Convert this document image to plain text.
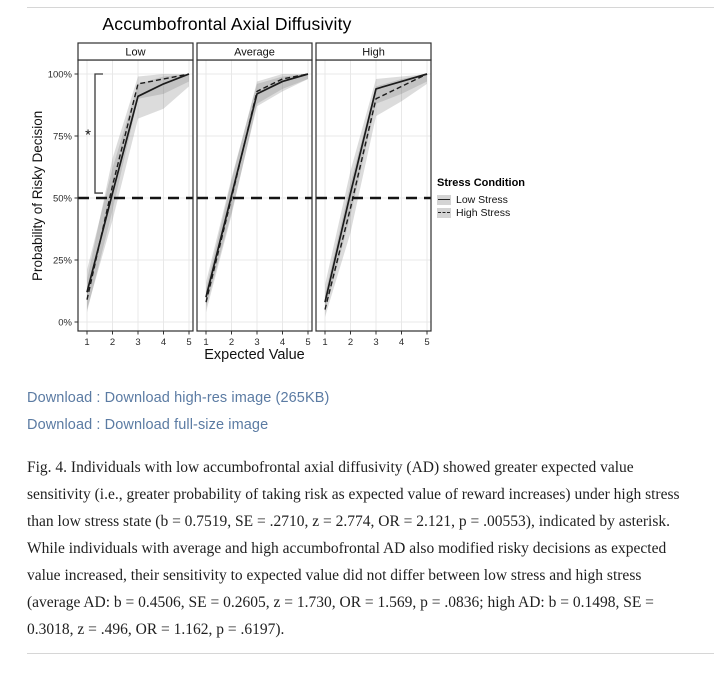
Accumbofrontal Axial Diffusivity
*
1 2 3 4 5
Low
1 2 3 4 5
Average
1 2 3 4 5
High
0%
25%
50%
75%
100%
Probability of Risky Decision
Expected Value
Stress Condition
Low Stress
High Stress
Download : Download high-res image (265KB)
Download : Download full-size image
Fig. 4. Individuals with low accumbofrontal axial diffusivity (AD) showed greater expected value sensitivity (i.e., greater probability of taking risk as expected value of reward increases) under high stress than low stress state (b = 0.7519, SE = .2710, z = 2.774, OR = 2.121, p = .00553), indicated by asterisk. While individuals with average and high accumbofrontal AD also modified risky decisions as expected value increased, their sensitivity to expected value did not differ between low stress and high stress (average AD: b = 0.4506, SE = 0.2605, z = 1.730, OR = 1.569, p = .0836; high AD: b = 0.1498, SE = 0.3018, z = .496, OR = 1.162, p = .6197).
